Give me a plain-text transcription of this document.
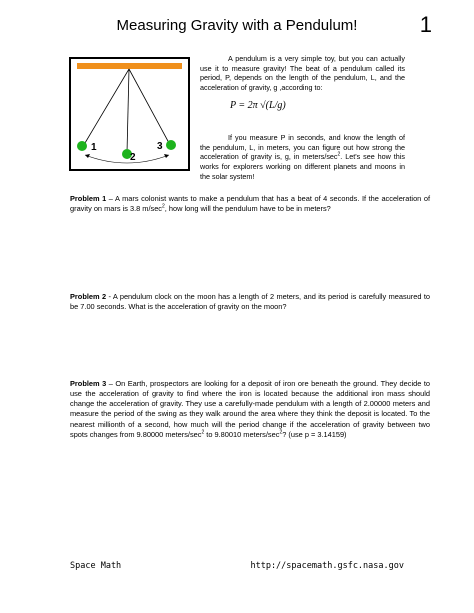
Measuring Gravity with a Pendulum!	1
1
2
3

A pendulum is a very simple toy, but you can actually use it to measure gravity! The beat of a pendulum called its period, P, depends on the length of the pendulum, L, and the acceleration of gravity, g ,according to:

P = 2π √(L/g)

If you measure P in seconds, and know the length of the pendulum, L, in meters, you can figure out how strong the acceleration of gravity is, g, in meters/$\sec^2$. Let's see how this works for explorers working on different planets and moons in the solar system!

Problem 1 – A mars colonist wants to make a pendulum that has a beat of 4 seconds. If the acceleration of gravity on mars is 3.8 $m/\sec^2$, how long will the pendulum have to be in meters?
Problem 2 - A pendulum clock on the moon has a length of 2 meters, and its period is carefully measured to be 7.00 seconds. What is the acceleration of gravity on the moon?
Problem 3 – On Earth, prospectors are looking for a deposit of iron ore beneath the ground. They decide to use the acceleration of gravity to find where the iron is located because the additional iron mass should change the acceleration of gravity. They use a carefully-made pendulum with a length of 2.00000 meters and measure the period of the swing as they walk around the area where they think the deposit is located. To the nearest millionth of a second, how much will the period change if the acceleration of gravity between two spots changes from 9.80000 meters/$\sec^2$ to 9.80010 meters/$\sec^2$? (use p = 3.14159)
Space Math	http://spacemath.gsfc.nasa.gov
